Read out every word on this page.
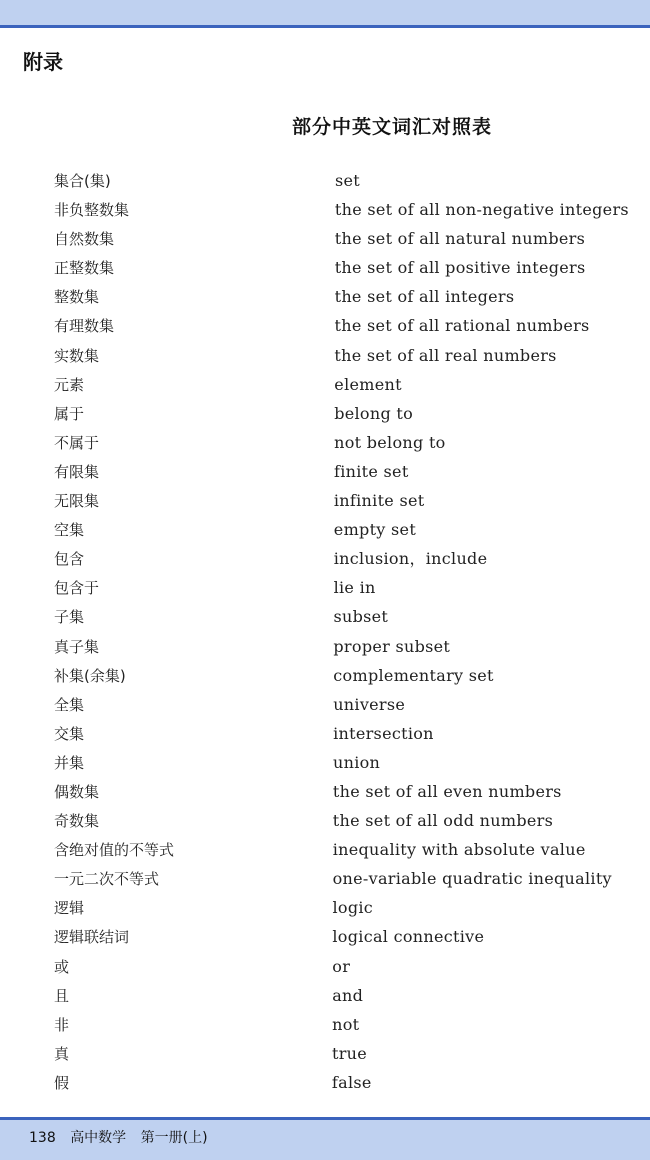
附录
部分中英文词汇对照表
集合(集)	set
非负整数集	the set of all non-negative integers
自然数集	the set of all natural numbers
正整数集	the set of all positive integers
整数集	the set of all integers
有理数集	the set of all rational numbers
实数集	the set of all real numbers
元素	element
属于	belong to
不属于	not belong to
有限集	finite set
无限集	infinite set
空集	empty set
包含	inclusion，include
包含于	lie in
子集	subset
真子集	proper subset
补集(余集)	complementary set
全集	universe
交集	intersection
并集	union
偶数集	the set of all even numbers
奇数集	the set of all odd numbers
含绝对值的不等式	inequality with absolute value
一元二次不等式	one-variable quadratic inequality
逻辑	logic
逻辑联结词	logical connective
或	or
且	and
非	not
真	true
假	false
138 高中数学 第一册(上)
